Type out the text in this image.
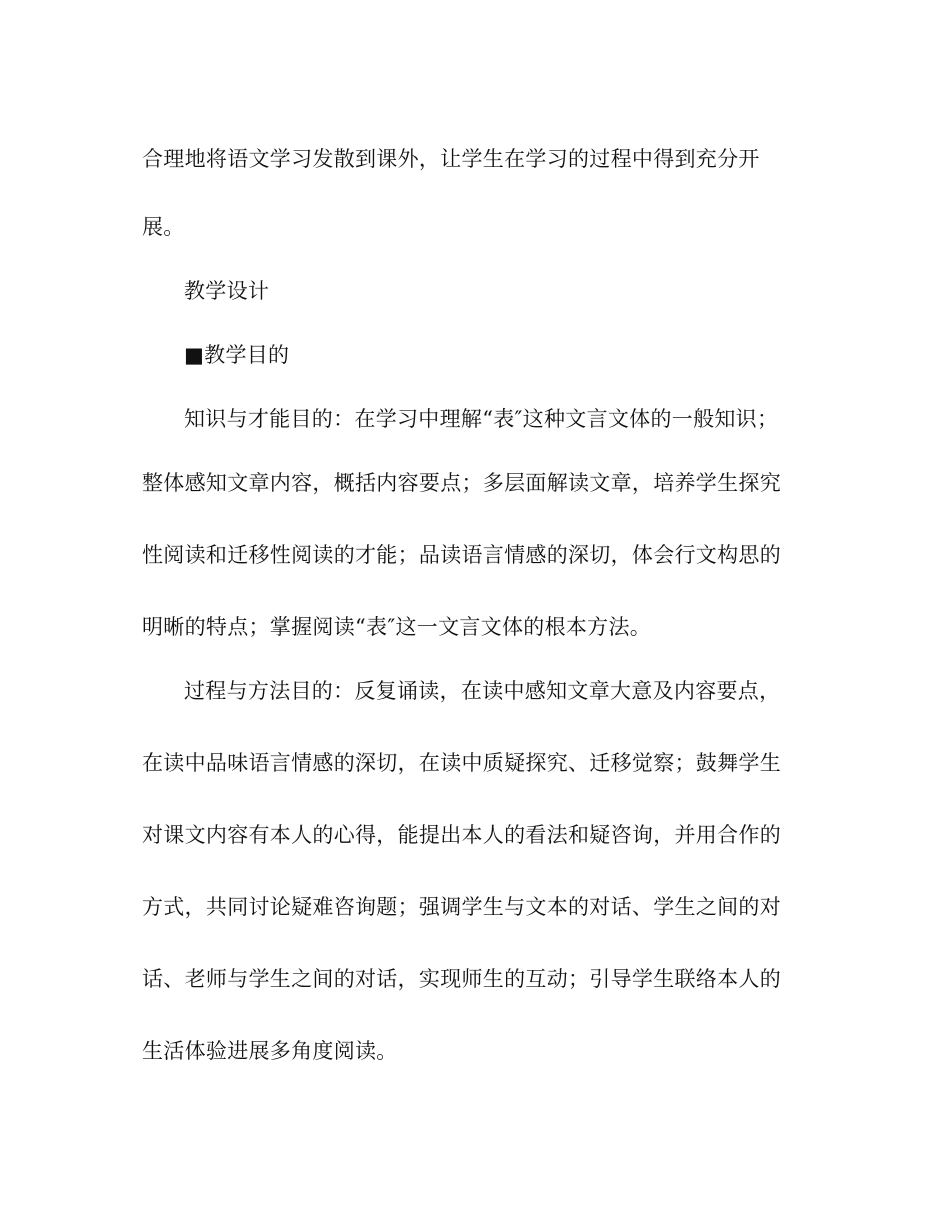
合理地将语文学习发散到课外，让学生在学习的过程中得到充分开
展。
教学设计
■教学目的
知识与才能目的：在学习中理解“表″这种文言文体的一般知识；
整体感知文章内容，概括内容要点；多层面解读文章，培养学生探究
性阅读和迁移性阅读的才能；品读语言情感的深切，体会行文构思的
明晰的特点；掌握阅读“表″这一文言文体的根本方法。
过程与方法目的：反复诵读，在读中感知文章大意及内容要点，
在读中品味语言情感的深切，在读中质疑探究、迁移觉察；鼓舞学生
对课文内容有本人的心得，能提出本人的看法和疑咨询，并用合作的
方式，共同讨论疑难咨询题；强调学生与文本的对话、学生之间的对
话、老师与学生之间的对话，实现师生的互动；引导学生联络本人的
生活体验进展多角度阅读。
